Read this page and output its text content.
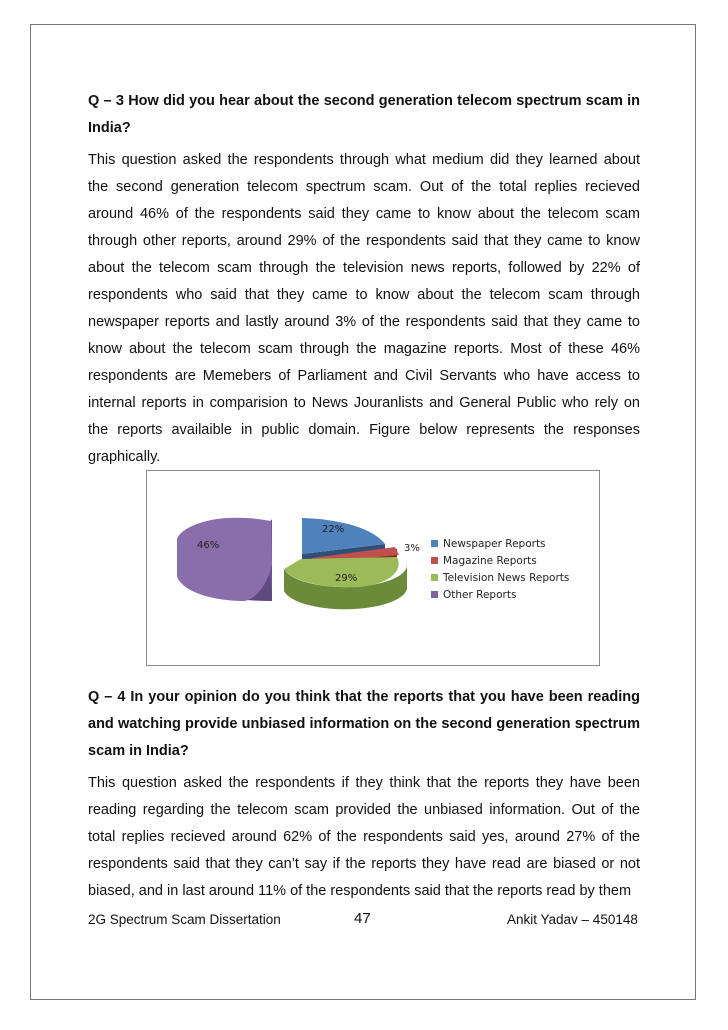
Q – 3 How did you hear about the second generation telecom spectrum scam in India?

This question asked the respondents through what medium did they learned about the second generation telecom spectrum scam. Out of the total replies recieved around 46% of the respondents said they came to know about the telecom scam through other reports, around 29% of the respondents said that they came to know about the telecom scam through the television news reports, followed by 22% of respondents who said that they came to know about the telecom scam through newspaper reports and lastly around 3% of the respondents said that they came to know about the telecom scam through the magazine reports. Most of these 46% respondents are Memebers of Parliament and Civil Servants who have access to internal reports in comparision to News Jouranlists and General Public who rely on the reports availaible in public domain. Figure below represents the responses graphically.

22%
3%
29%
46%	Newspaper Reports
Magazine Reports
Television News Reports
Other Reports

Q – 4 In your opinion do you think that the reports that you have been reading and watching provide unbiased information on the second generation spectrum scam in India?

This question asked the respondents if they think that the reports they have been reading regarding the telecom scam provided the unbiased information. Out of the total replies recieved around 62% of the respondents said yes, around 27% of the respondents said that they can’t say if the reports they have read are biased or not biased, and in last around 11% of the respondents said that the reports read by them

2G Spectrum Scam Dissertation	47	Ankit Yadav – 450148
